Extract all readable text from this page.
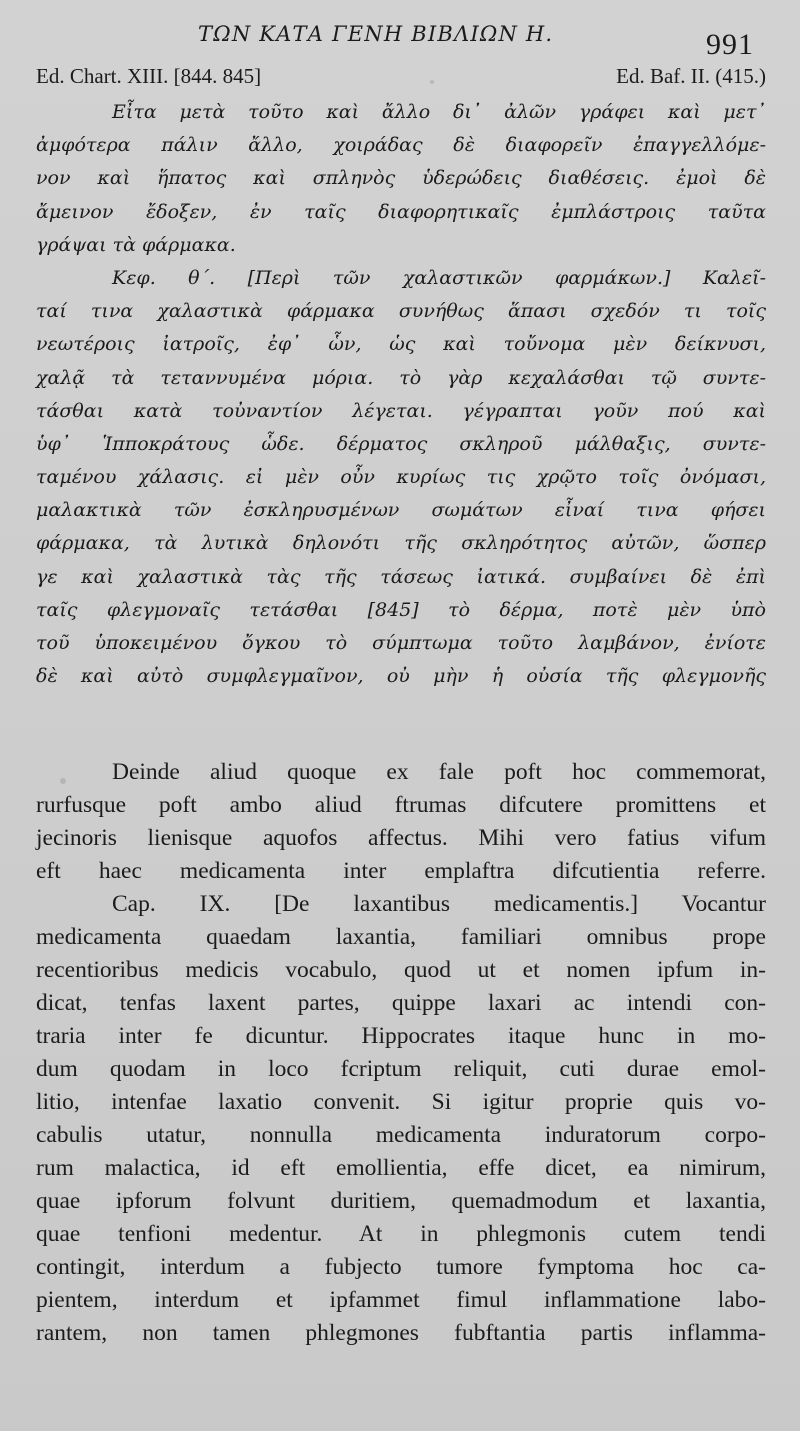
ΤΩΝ ΚΑΤΑ ΓΕΝΗ ΒΙΒΛΙΩΝ Η.	991
Ed. Chart. XIII. [844. 845]	Ed. Baf. II. (415.)
Εἶτα μετὰ τοῦτο καὶ ἄλλο δι᾽ ἀλῶν γράφει καὶ μετ᾽
ἀμφότερα πάλιν ἄλλο, χοιράδας δὲ διαφορεῖν ἐπαγγελλόμε-
νον καὶ ἥπατος καὶ σπληνὸς ὑδερώδεις διαθέσεις. ἐμοὶ δὲ
ἄμεινον ἔδοξεν, ἐν ταῖς διαφορητικαῖς ἐμπλάστροις ταῦτα
γράψαι τὰ φάρμακα.
Κεφ. θ΄. [Περὶ τῶν χαλαστικῶν φαρμάκων.] Καλεῖ-
ταί τινα χαλαστικὰ φάρμακα συνήθως ἅπασι σχεδόν τι τοῖς
νεωτέροις ἰατροῖς, ἐφ᾽ ὧν, ὡς καὶ τοὔνομα μὲν δείκνυσι,
χαλᾷ τὰ τεταννυμένα μόρια. τὸ γὰρ κεχαλάσθαι τῷ συντε-
τάσθαι κατὰ τοὐναντίον λέγεται. γέγραπται γοῦν πού καὶ
ὑφ᾽ Ἱπποκράτους ὧδε. δέρματος σκληροῦ μάλθαξις, συντε-
ταμένου χάλασις. εἰ μὲν οὖν κυρίως τις χρῷτο τοῖς ὀνόμασι,
μαλακτικὰ τῶν ἐσκληρυσμένων σωμάτων εἶναί τινα φήσει
φάρμακα, τὰ λυτικὰ δηλονότι τῆς σκληρότητος αὐτῶν, ὥσπερ
γε καὶ χαλαστικὰ τὰς τῆς τάσεως ἰατικά. συμβαίνει δὲ ἐπὶ
ταῖς φλεγμοναῖς τετάσθαι [845] τὸ δέρμα, ποτὲ μὲν ὑπὸ
τοῦ ὑποκειμένου ὄγκου τὸ σύμπτωμα τοῦτο λαμβάνον, ἐνίοτε
δὲ καὶ αὐτὸ συμφλεγμαῖνον, οὐ μὴν ἡ οὐσία τῆς φλεγμονῆς
Deinde aliud quoque ex fale poft hoc commemorat,
rurfusque poft ambo aliud ftrumas difcutere promittens et
jecinoris lienisque aquofos affectus. Mihi vero fatius vifum
eft haec medicamenta inter emplaftra difcutientia referre.
Cap. IX. [De laxantibus medicamentis.] Vocantur
medicamenta quaedam laxantia, familiari omnibus prope
recentioribus medicis vocabulo, quod ut et nomen ipfum in-
dicat, tenfas laxent partes, quippe laxari ac intendi con-
traria inter fe dicuntur. Hippocrates itaque hunc in mo-
dum quodam in loco fcriptum reliquit, cuti durae emol-
litio, intenfae laxatio convenit. Si igitur proprie quis vo-
cabulis utatur, nonnulla medicamenta induratorum corpo-
rum malactica, id eft emollientia, effe dicet, ea nimirum,
quae ipforum folvunt duritiem, quemadmodum et laxantia,
quae tenfioni medentur. At in phlegmonis cutem tendi
contingit, interdum a fubjecto tumore fymptoma hoc ca-
pientem, interdum et ipfammet fimul inflammatione labo-
rantem, non tamen phlegmones fubftantia partis inflamma-
